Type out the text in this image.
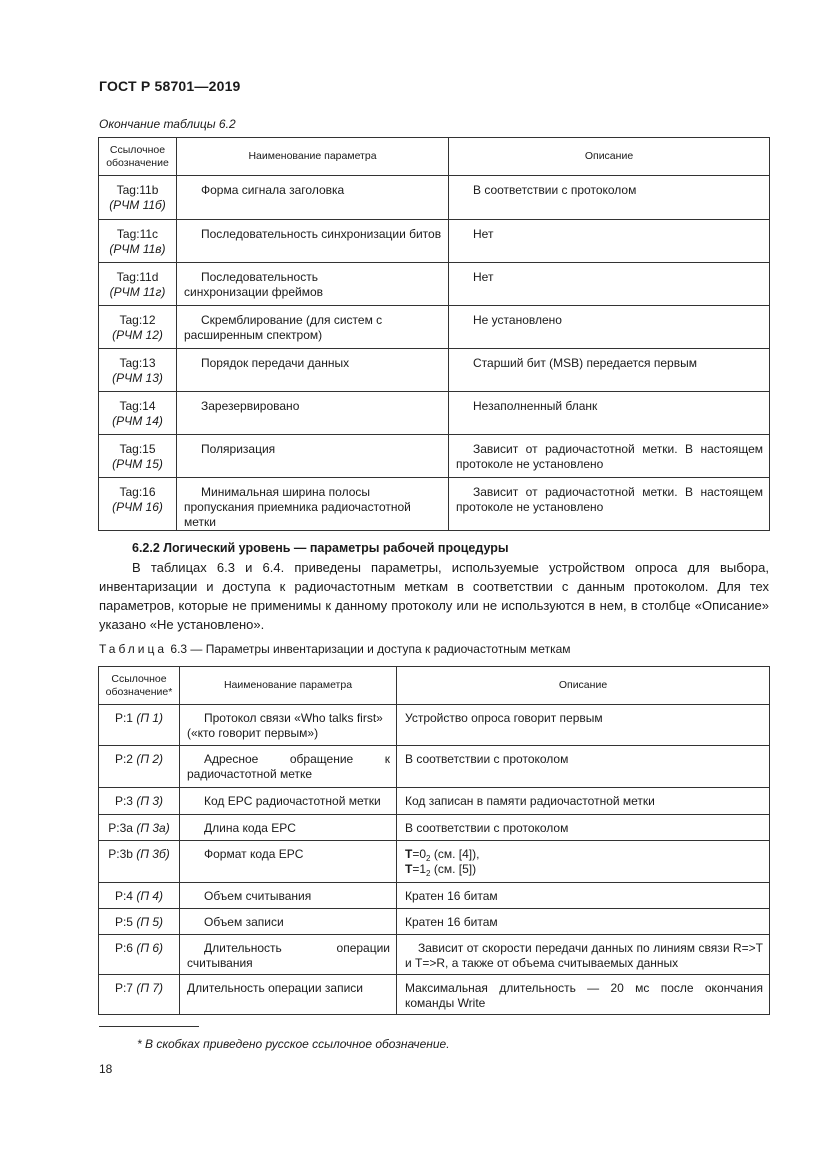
ГОСТ Р 58701—2019
Окончание таблицы 6.2
Ссылочное обозначение	Наименование параметра	Описание

Tag:11b
(РЧМ 11б)	Форма сигнала заголовка	В соответствии с протоколом

Tag:11c
(РЧМ 11в)	Последовательность синхронизации битов	Нет

Tag:11d
(РЧМ 11г)	Последовательность синхронизации фреймов	Нет

Tag:12
(РЧМ 12)	Скремблирование (для систем с расширенным спектром)	Не установлено

Tag:13
(РЧМ 13)	Порядок передачи данных	Старший бит (MSB) передается первым

Tag:14
(РЧМ 14)	Зарезервировано	Незаполненный бланк

Tag:15
(РЧМ 15)	Поляризация	Зависит от радиочастотной метки. В настоящем протоколе не установлено

Tag:16
(РЧМ 16)	Минимальная ширина полосы пропускания приемника радиочастотной метки	Зависит от радиочастотной метки. В настоящем протоколе не установлено
6.2.2 Логический уровень — параметры рабочей процедуры
В таблицах 6.3 и 6.4. приведены параметры, используемые устройством опроса для выбора, инвентаризации и доступа к радиочастотным меткам в соответствии с данным протоколом. Для тех параметров, которые не применимы к данному протоколу или не используются в нем, в столбце «Описание» указано «Не установлено».
Таблица 6.3 — Параметры инвентаризации и доступа к радиочастотным меткам
Ссылочное обозначение*	Наименование параметра	Описание
P:1 (П 1)	Протокол связи «Who talks first» («кто говорит первым»)	Устройство опроса говорит первым
P:2 (П 2)	Адресное обращение к радиочастотной метке	В соответствии с протоколом
P:3 (П 3)	Код EPC радиочастотной метки	Код записан в памяти радиочастотной метки
P:3a (П 3а)	Длина кода EPC	В соответствии с протоколом
P:3b (П 3б)	Формат кода EPC	$T=0_2$ (см. [4]),
$T=1_2$ (см. [5])

P:4 (П 4)	Объем считывания	Кратен 16 битам
P:5 (П 5)	Объем записи	Кратен 16 битам
P:6 (П 6)	Длительность операции считывания	Зависит от скорости передачи данных по линиям связи R=>T и T=>R, а также от объема считываемых данных

P:7 (П 7)	Длительность операции записи	Максимальная длительность — 20 мс после окончания команды Write
* В скобках приведено русское ссылочное обозначение.
18
